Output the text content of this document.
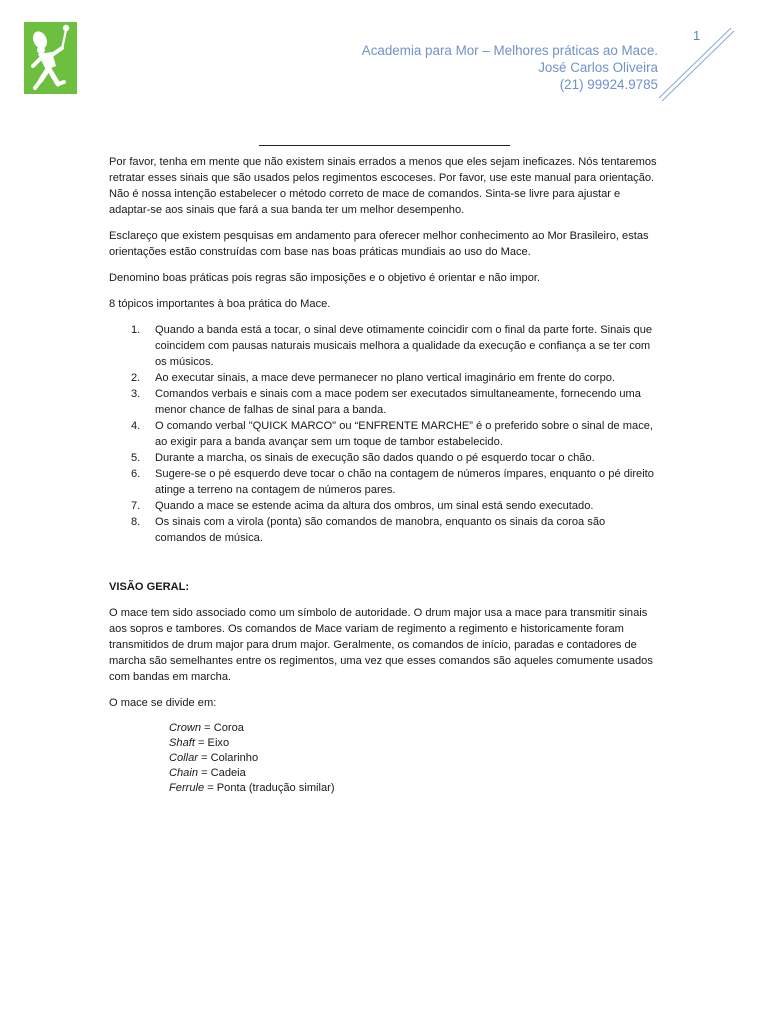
1
Academia para Mor – Melhores práticas ao Mace.
José Carlos Oliveira
(21) 99924.9785

Por favor, tenha em mente que não existem sinais errados a menos que eles sejam ineficazes. Nós tentaremos retratar esses sinais que são usados pelos regimentos escoceses. Por favor, use este manual para orientação. Não é nossa intenção estabelecer o método correto de mace de comandos. Sinta-se livre para ajustar e adaptar-se aos sinais que fará a sua banda ter um melhor desempenho.

Esclareço que existem pesquisas em andamento para oferecer melhor conhecimento ao Mor Brasileiro, estas orientações estão construídas com base nas boas práticas mundiais ao uso do Mace.

Denomino boas práticas pois regras são imposições e o objetivo é orientar e não impor.

8 tópicos importantes à boa prática do Mace.

1. Quando a banda está a tocar, o sinal deve otimamente coincidir com o final da parte forte. Sinais que coincidem com pausas naturais musicais melhora a qualidade da execução e confiança a se ter com os músicos.
2. Ao executar sinais, a mace deve permanecer no plano vertical imaginário em frente do corpo.
3. Comandos verbais e sinais com a mace podem ser executados simultaneamente, fornecendo uma menor chance de falhas de sinal para a banda.
4. O comando verbal "QUICK MARCO" ou “ENFRENTE MARCHE” é o preferido sobre o sinal de mace, ao exigir para a banda avançar sem um toque de tambor estabelecido.
5. Durante a marcha, os sinais de execução são dados quando o pé esquerdo tocar o chão.
6. Sugere-se o pé esquerdo deve tocar o chão na contagem de números ímpares, enquanto o pé direito atinge a terreno na contagem de números pares.
7. Quando a mace se estende acima da altura dos ombros, um sinal está sendo executado.
8. Os sinais com a virola (ponta) são comandos de manobra, enquanto os sinais da coroa são comandos de música.

VISÃO GERAL:

O mace tem sido associado como um símbolo de autoridade. O drum major usa a mace para transmitir sinais aos sopros e tambores. Os comandos de Mace variam de regimento a regimento e historicamente foram transmitidos de drum major para drum major. Geralmente, os comandos de início, paradas e contadores de marcha são semelhantes entre os regimentos, uma vez que esses comandos são aqueles comumente usados com bandas em marcha.

O mace se divide em:

Crown = Coroa
Shaft = Eixo
Collar = Colarinho
Chain = Cadeia
Ferrule = Ponta (tradução similar)
